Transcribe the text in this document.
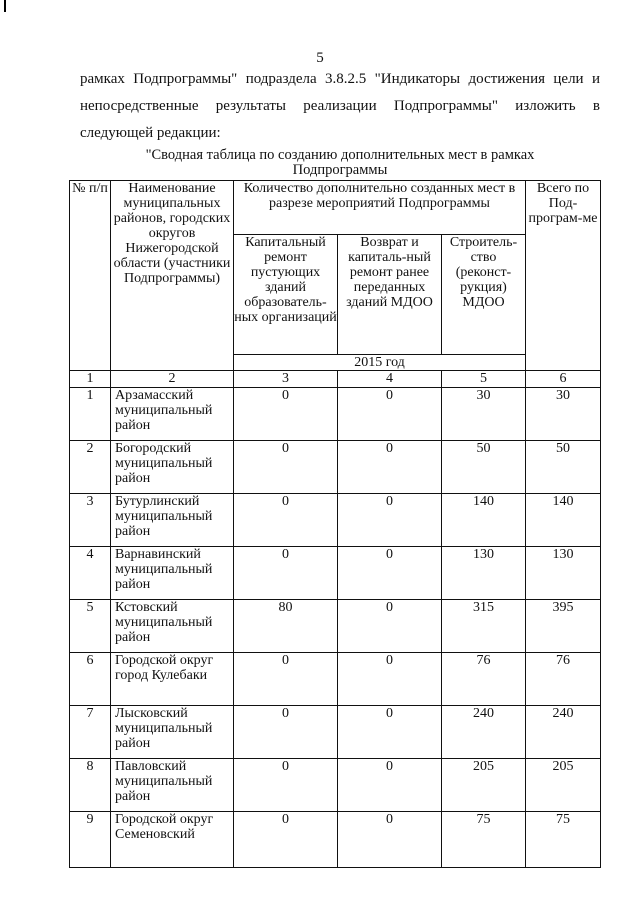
5
рамках Подпрограммы" подраздела 3.8.2.5 "Индикаторы достижения цели и
непосредственные результаты реализации Подпрограммы" изложить в
следующей редакции:
"Сводная таблица по созданию дополнительных мест в рамках
Подпрограммы
№ п/п	Наименование муниципальных районов, городских округов Нижегородской области (участники Подпрограммы)	Количество дополнительно созданных мест в разрезе мероприятий Подпрограммы			Всего по Под-програм-ме
		Капитальный ремонт пустующих зданий образователь-ных организаций	Возврат и капиталь-ный ремонт ранее переданных зданий МДОО	Строитель-ство (реконст-рукция) МДОО	
		2015 год			
1	2	3	4	5	6
1	Арзамасский муниципальный район	0	0	30	30
2	Богородский муниципальный район	0	0	50	50
3	Бутурлинский муниципальный район	0	0	140	140
4	Варнавинский муниципальный район	0	0	130	130
5	Кстовский муниципальный район	80	0	315	395
6	Городской округ город Кулебаки	0	0	76	76
7	Лысковский муниципальный район	0	0	240	240
8	Павловский муниципальный район	0	0	205	205
9	Городской округ Семеновский	0	0	75	75
